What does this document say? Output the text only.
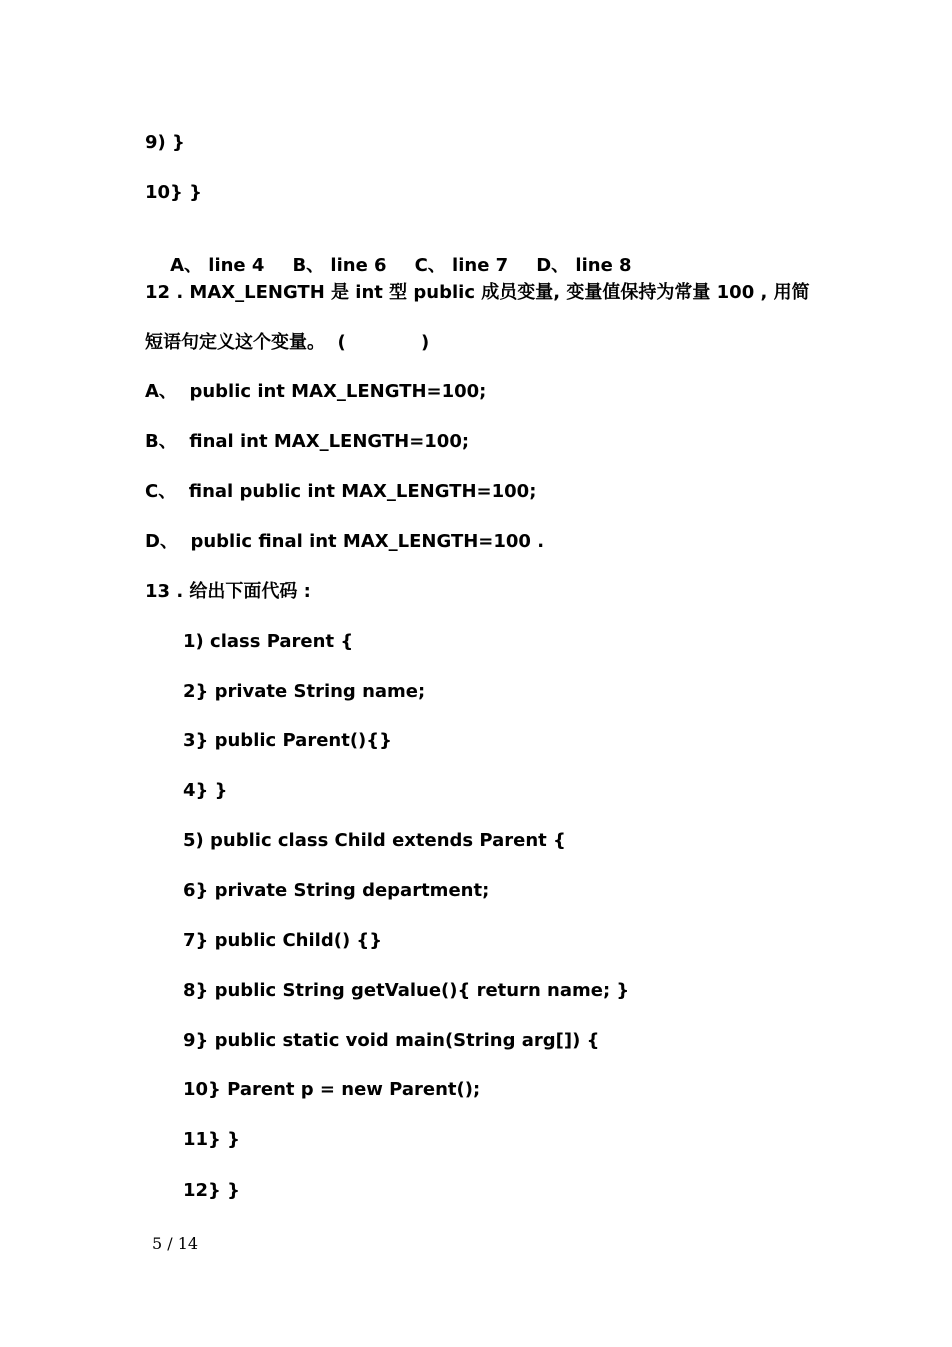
9) }
10} }

A、 line 4 B、 line 6 C、 line 7 D、 line 8

12 . MAX_LENGTH 是 int 型 public 成员变量, 变量值保持为常量 100 , 用简
短语句定义这个变量。  (            )
A、  public int MAX_LENGTH=100;
B、  final int MAX_LENGTH=100;
C、  final public int MAX_LENGTH=100;
D、  public final int MAX_LENGTH=100 .
13 . 给出下面代码 :
1) class Parent {
2} private String name;
3} public Parent(){}
4} }
5) public class Child extends Parent {
6} private String department;
7} public Child() {}
8} public String getValue(){ return name; }
9} public static void main(String arg[]) {
10} Parent p = new Parent();
11} }
12} }
5 / 14
